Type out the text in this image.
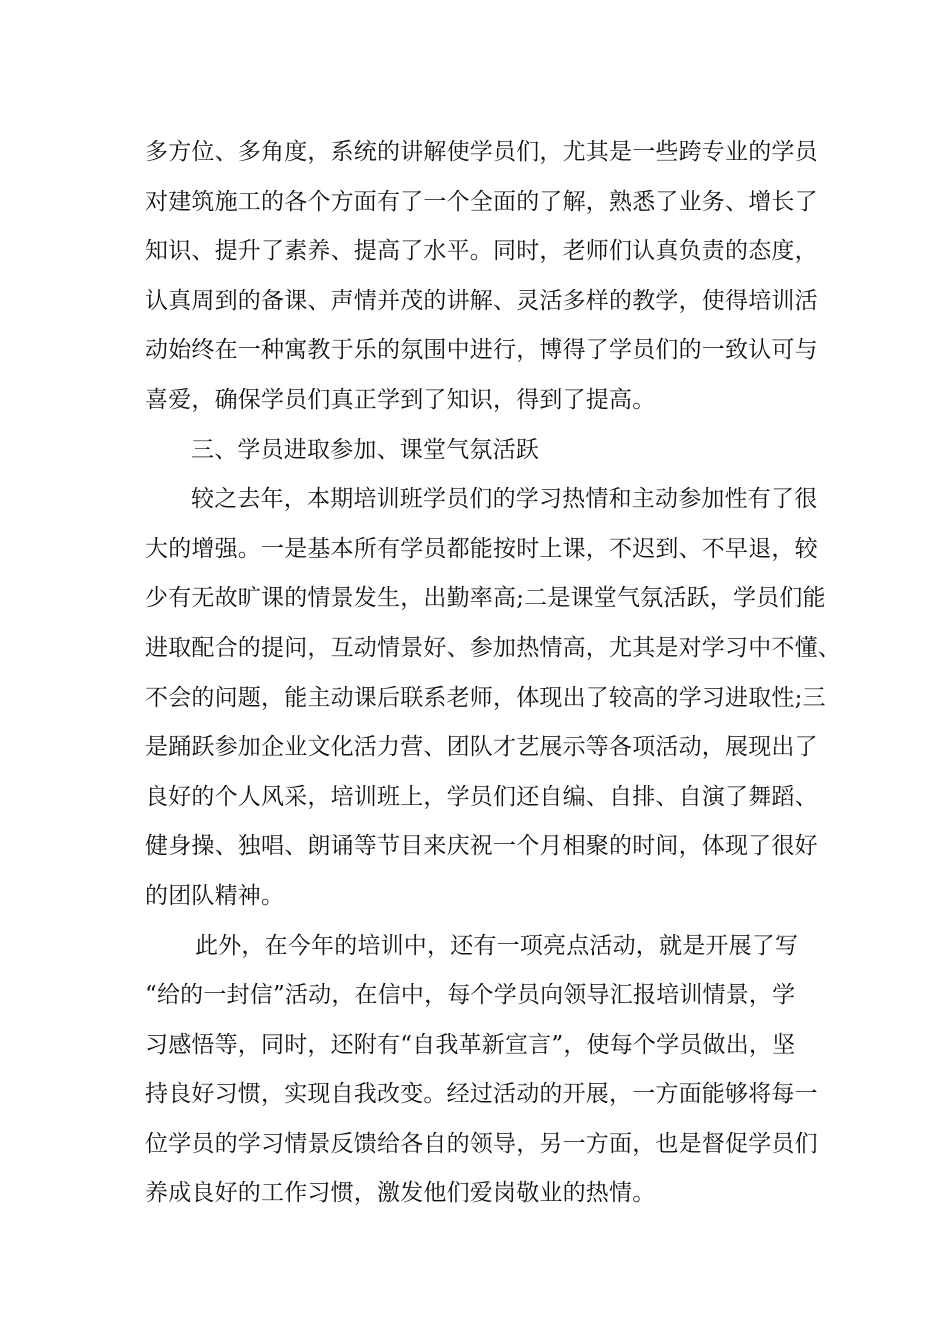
多方位、多角度，系统的讲解使学员们，尤其是一些跨专业的学员
对建筑施工的各个方面有了一个全面的了解，熟悉了业务、增长了
知识、提升了素养、提高了水平。同时，老师们认真负责的态度，
认真周到的备课、声情并茂的讲解、灵活多样的教学，使得培训活
动始终在一种寓教于乐的氛围中进行，博得了学员们的一致认可与
喜爱，确保学员们真正学到了知识，得到了提高。
三、学员进取参加、课堂气氛活跃
较之去年，本期培训班学员们的学习热情和主动参加性有了很
大的增强。一是基本所有学员都能按时上课，不迟到、不早退，较
少有无故旷课的情景发生，出勤率高;二是课堂气氛活跃，学员们能
进取配合的提问，互动情景好、参加热情高，尤其是对学习中不懂、
不会的问题，能主动课后联系老师，体现出了较高的学习进取性;三
是踊跃参加企业文化活力营、团队才艺展示等各项活动，展现出了
良好的个人风采，培训班上，学员们还自编、自排、自演了舞蹈、
健身操、独唱、朗诵等节目来庆祝一个月相聚的时间，体现了很好
的团队精神。
此外，在今年的培训中，还有一项亮点活动，就是开展了写
“给的一封信”活动，在信中，每个学员向领导汇报培训情景，学
习感悟等，同时，还附有“自我革新宣言”，使每个学员做出，坚
持良好习惯，实现自我改变。经过活动的开展，一方面能够将每一
位学员的学习情景反馈给各自的领导，另一方面，也是督促学员们
养成良好的工作习惯，激发他们爱岗敬业的热情。
